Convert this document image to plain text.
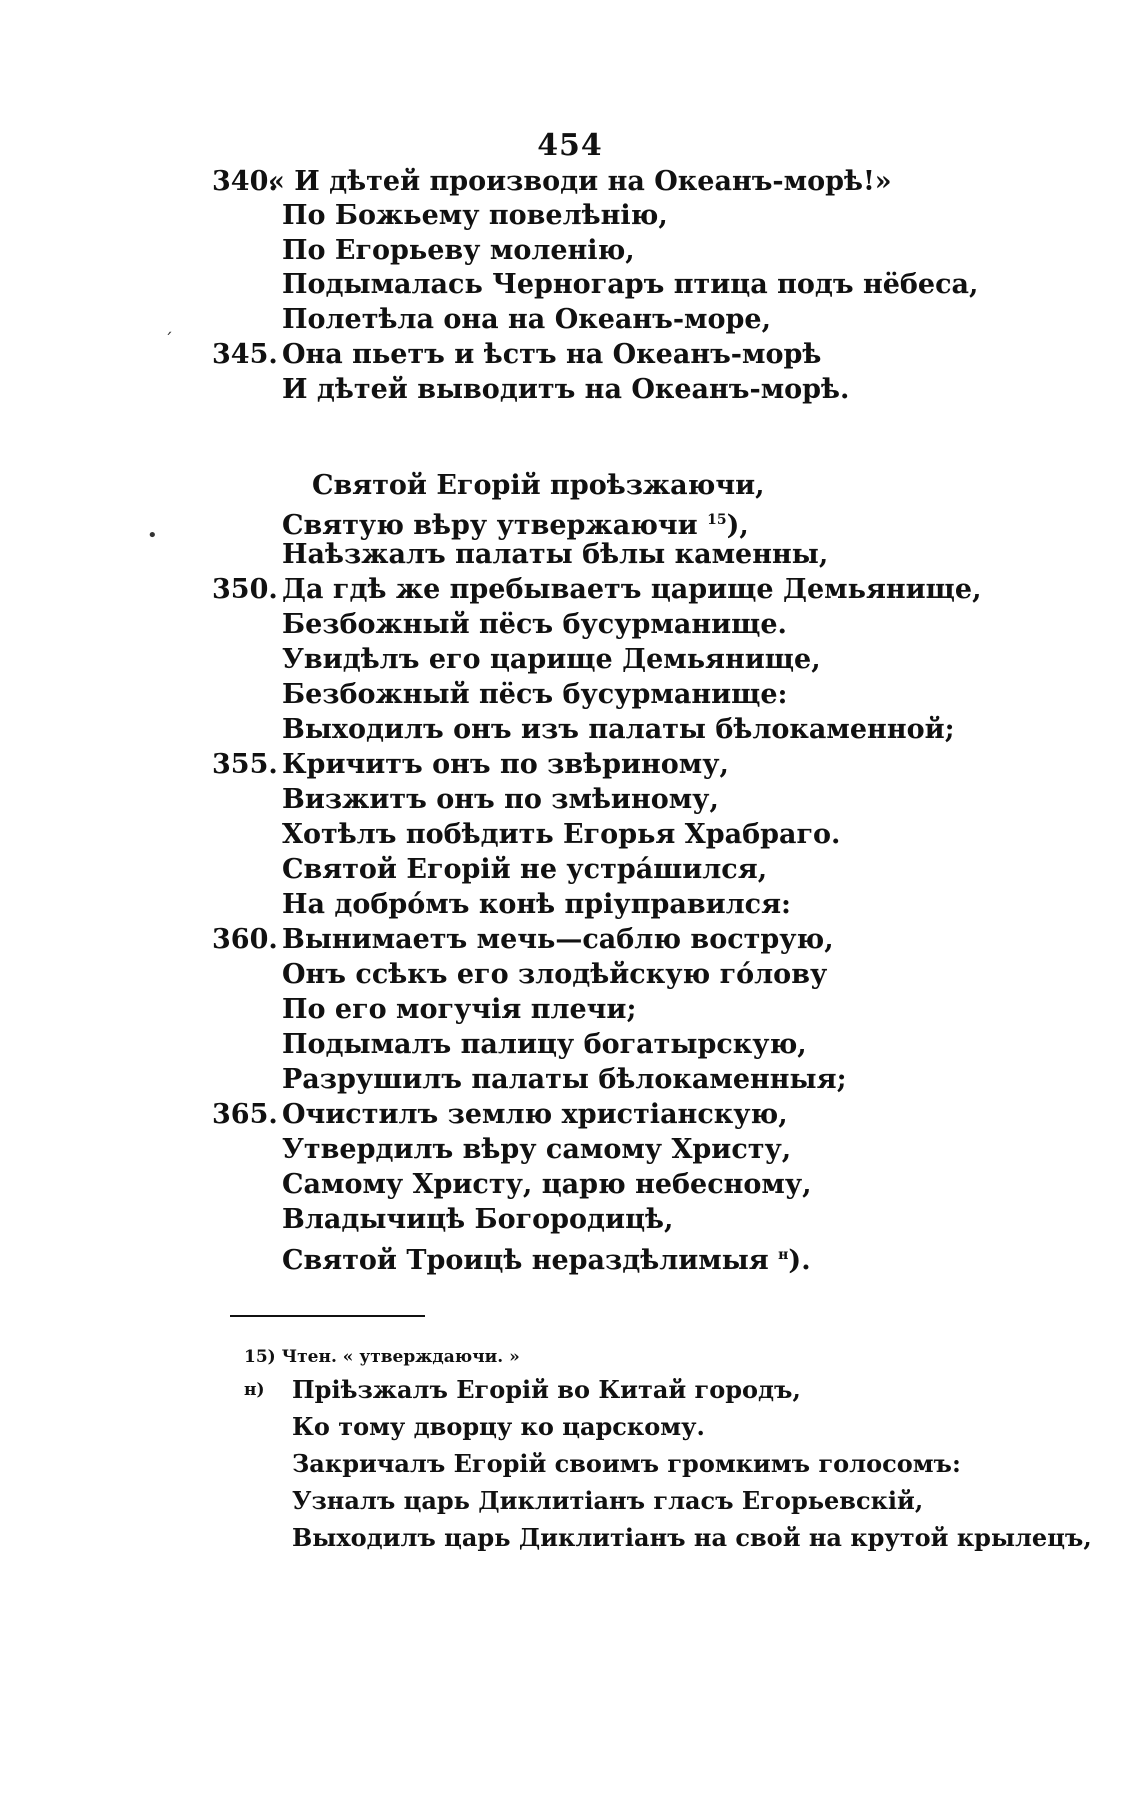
454
340.
« И дѣтей производи на Океанъ-морѣ!»
По Божьему повелѣнію,
По Егорьеву моленію,
Подымалась Черногаръ птица подъ нёбеса,
Полетѣла она на Океанъ-море,
345. Она пьетъ и ѣстъ на Океанъ-морѣ
И дѣтей выводитъ на Океанъ-морѣ.
Святой Егорій проѣзжаючи,
Святую вѣру утвержаючи $^{15}$),
Наѣзжалъ палаты бѣлы каменны,
350. Да гдѣ же пребываетъ царище Демьянище,
Безбожный пёсъ бусурманище.
Увидѣлъ его царище Демьянище,
Безбожный пёсъ бусурманище:
Выходилъ онъ изъ палаты бѣлокаменной;
355. Кричитъ онъ по звѣриному,
Визжитъ онъ по змѣиному,
Хотѣлъ побѣдить Егорья Храбраго.
Святой Егорій не устрáшился,
На добрóмъ конѣ пріуправился:
360. Вынимаетъ мечь—саблю вострую,
Онъ ссѣкъ его злодѣйскую гóлову
По его могучія плечи;
Подымалъ палицу богатырскую,
Разрушилъ палаты бѣлокаменныя;
365. Очистилъ землю христіанскую,
Утвердилъ вѣру самому Христу,
Самому Христу, царю небесному,
Владычицѣ Богородицѣ,
Святой Троицѣ нераздѣлимыя $^н$).
15) Чтен. « утверждаючи. »
н) Пріѣзжалъ Егорій во Китай городъ,
Ко тому дворцу ко царскому.
Закричалъ Егорій своимъ громкимъ голосомъ:
Узналъ царь Диклитіанъ гласъ Егорьевскій,
Выходилъ царь Диклитіанъ на свой на крутой крылецъ,
ˊ
•
